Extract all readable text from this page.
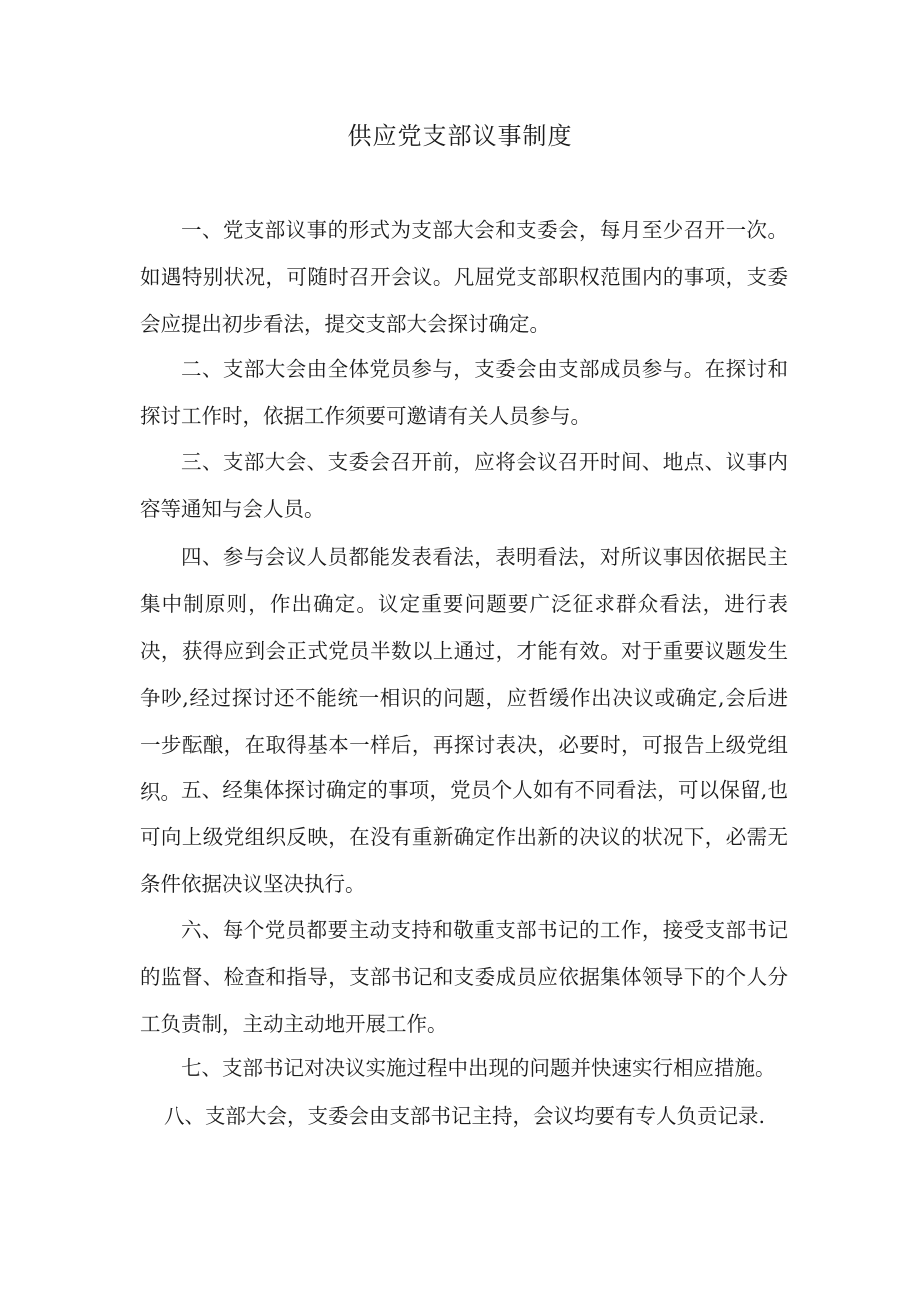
供应党支部议事制度

一、党支部议事的形式为支部大会和支委会，每月至少召开一次。如遇特别状况，可随时召开会议。凡屈党支部职权范围内的事项，支委会应提出初步看法，提交支部大会探讨确定。

二、支部大会由全体党员参与，支委会由支部成员参与。在探讨和探讨工作时，依据工作须要可邀请有关人员参与。

三、支部大会、支委会召开前，应将会议召开时间、地点、议事内容等通知与会人员。

四、参与会议人员都能发表看法，表明看法，对所议事因依据民主集中制原则，作出确定。议定重要问题要广泛征求群众看法，进行表决，获得应到会正式党员半数以上通过，才能有效。对于重要议题发生争吵,经过探讨还不能统一相识的问题，应哲缓作出决议或确定,会后进一步酝酿，在取得基本一样后，再探讨表决，必要时，可报告上级党组织。 五、经集体探讨确定的事项，党员个人如有不同看法，可以保留,也可向上级党组织反映，在没有重新确定作出新的决议的状况下，必需无条件依据决议坚决执行。

六、每个党员都要主动支持和敬重支部书记的工作，接受支部书记的监督、检查和指导，支部书记和支委成员应依据集体领导下的个人分工负责制，主动主动地开展工作。

七、支部书记对决议实施过程中出现的问题并快速实行相应措施。

八、支部大会，支委会由支部书记主持，会议均要有专人负贡记录.
